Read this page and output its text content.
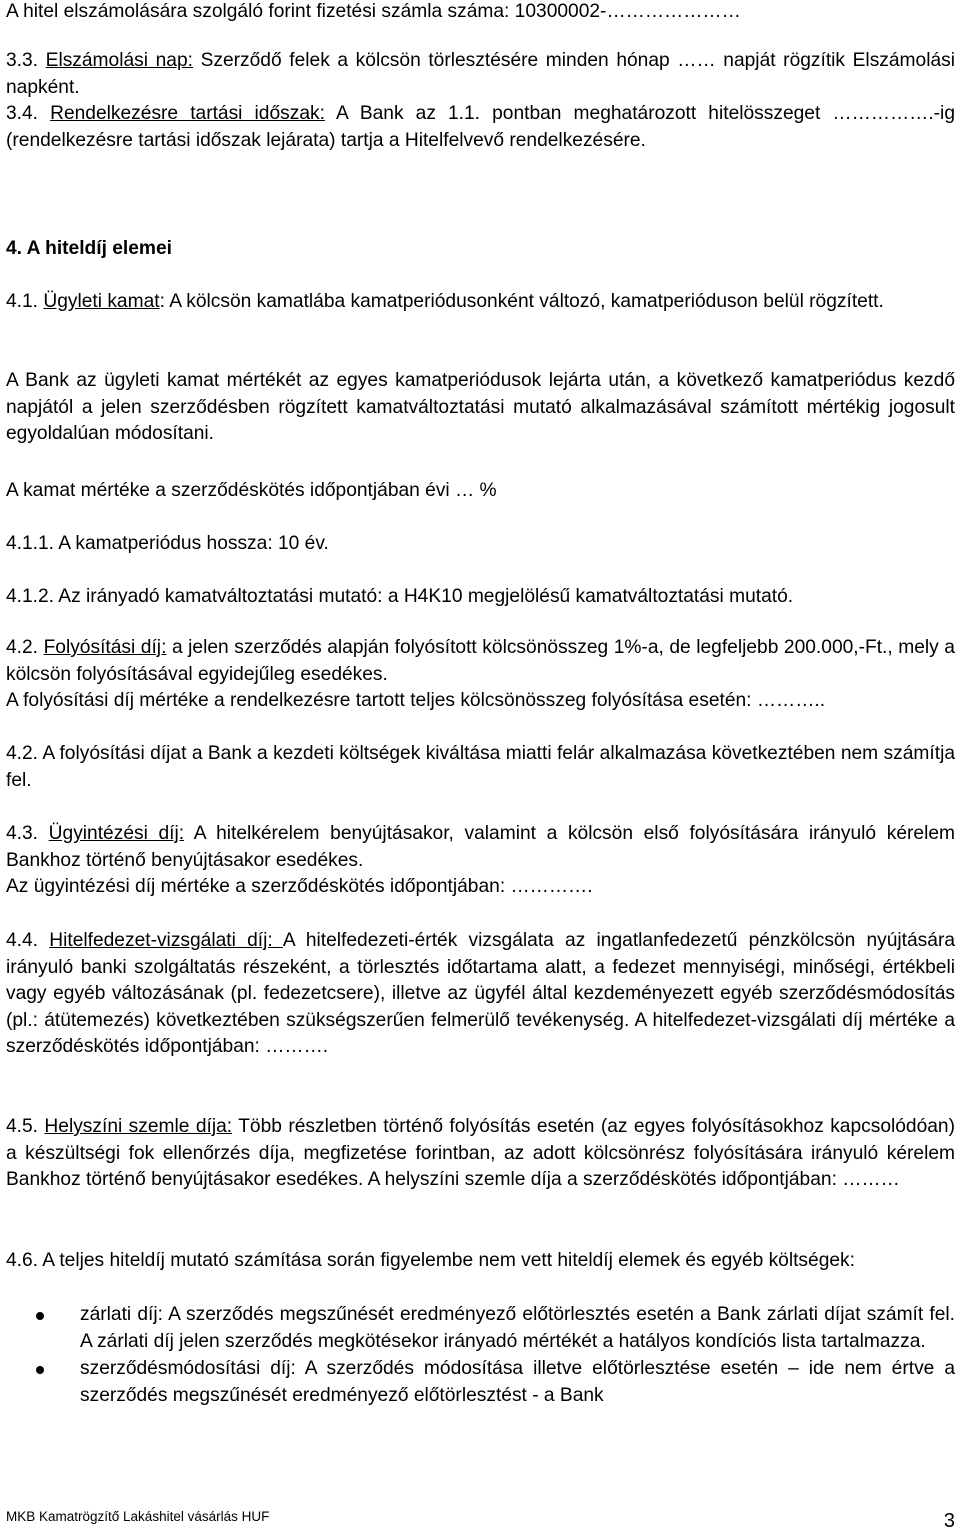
A hitel elszámolására szolgáló forint fizetési számla száma: 10300002-…………………

3.3. Elszámolási nap: Szerződő felek a kölcsön törlesztésére minden hónap …… napját rögzítik Elszámolási napként.

3.4. Rendelkezésre tartási időszak: A Bank az 1.1. pontban meghatározott hitelösszeget …………….-ig (rendelkezésre tartási időszak lejárata) tartja a Hitelfelvevő rendelkezésére.

4. A hiteldíj elemei

4.1. Ügyleti kamat: A kölcsön kamatlába kamatperiódusonként változó, kamatperióduson belül rögzített.

A Bank az ügyleti kamat mértékét az egyes kamatperiódusok lejárta után, a következő kamatperiódus kezdő napjától a jelen szerződésben rögzített kamatváltoztatási mutató alkalmazásával számított mértékig jogosult egyoldalúan módosítani.

A kamat mértéke a szerződéskötés időpontjában évi … %

4.1.1. A kamatperiódus hossza: 10 év.

4.1.2. Az irányadó kamatváltoztatási mutató: a H4K10 megjelölésű kamatváltoztatási mutató.

4.2. Folyósítási díj: a jelen szerződés alapján folyósított kölcsönösszeg 1%-a, de legfeljebb 200.000,-Ft., mely a kölcsön folyósításával egyidejűleg esedékes.

A folyósítási díj mértéke a rendelkezésre tartott teljes kölcsönösszeg folyósítása esetén: ………..

4.2. A folyósítási díjat a Bank a kezdeti költségek kiváltása miatti felár alkalmazása következtében nem számítja fel.

4.3. Ügyintézési díj: A hitelkérelem benyújtásakor, valamint a kölcsön első folyósítására irányuló kérelem Bankhoz történő benyújtásakor esedékes.

Az ügyintézési díj mértéke a szerződéskötés időpontjában: ………….

4.4. Hitelfedezet-vizsgálati díj: A hitelfedezeti-érték vizsgálata az ingatlanfedezetű pénzkölcsön nyújtására irányuló banki szolgáltatás részeként, a törlesztés időtartama alatt, a fedezet mennyiségi, minőségi, értékbeli vagy egyéb változásának (pl. fedezetcsere), illetve az ügyfél által kezdeményezett egyéb szerződésmódosítás (pl.: átütemezés) következtében szükségszerűen felmerülő tevékenység. A hitelfedezet-vizsgálati díj mértéke a szerződéskötés időpontjában: ……….

4.5. Helyszíni szemle díja: Több részletben történő folyósítás esetén (az egyes folyósításokhoz kapcsolódóan) a készültségi fok ellenőrzés díja, megfizetése forintban, az adott kölcsönrész folyósítására irányuló kérelem Bankhoz történő benyújtásakor esedékes. A helyszíni szemle díja a szerződéskötés időpontjában: ………

4.6. A teljes hiteldíj mutató számítása során figyelembe nem vett hiteldíj elemek és egyéb költségek:

zárlati díj: A szerződés megszűnését eredményező előtörlesztés esetén a Bank zárlati díjat számít fel. A zárlati díj jelen szerződés megkötésekor irányadó mértékét a hatályos kondíciós lista tartalmazza.
szerződésmódosítási díj: A szerződés módosítása illetve előtörlesztése esetén – ide nem értve a szerződés megszűnését eredményező előtörlesztést - a Bank
MKB Kamatrögzítő Lakáshitel vásárlás HUF	3
